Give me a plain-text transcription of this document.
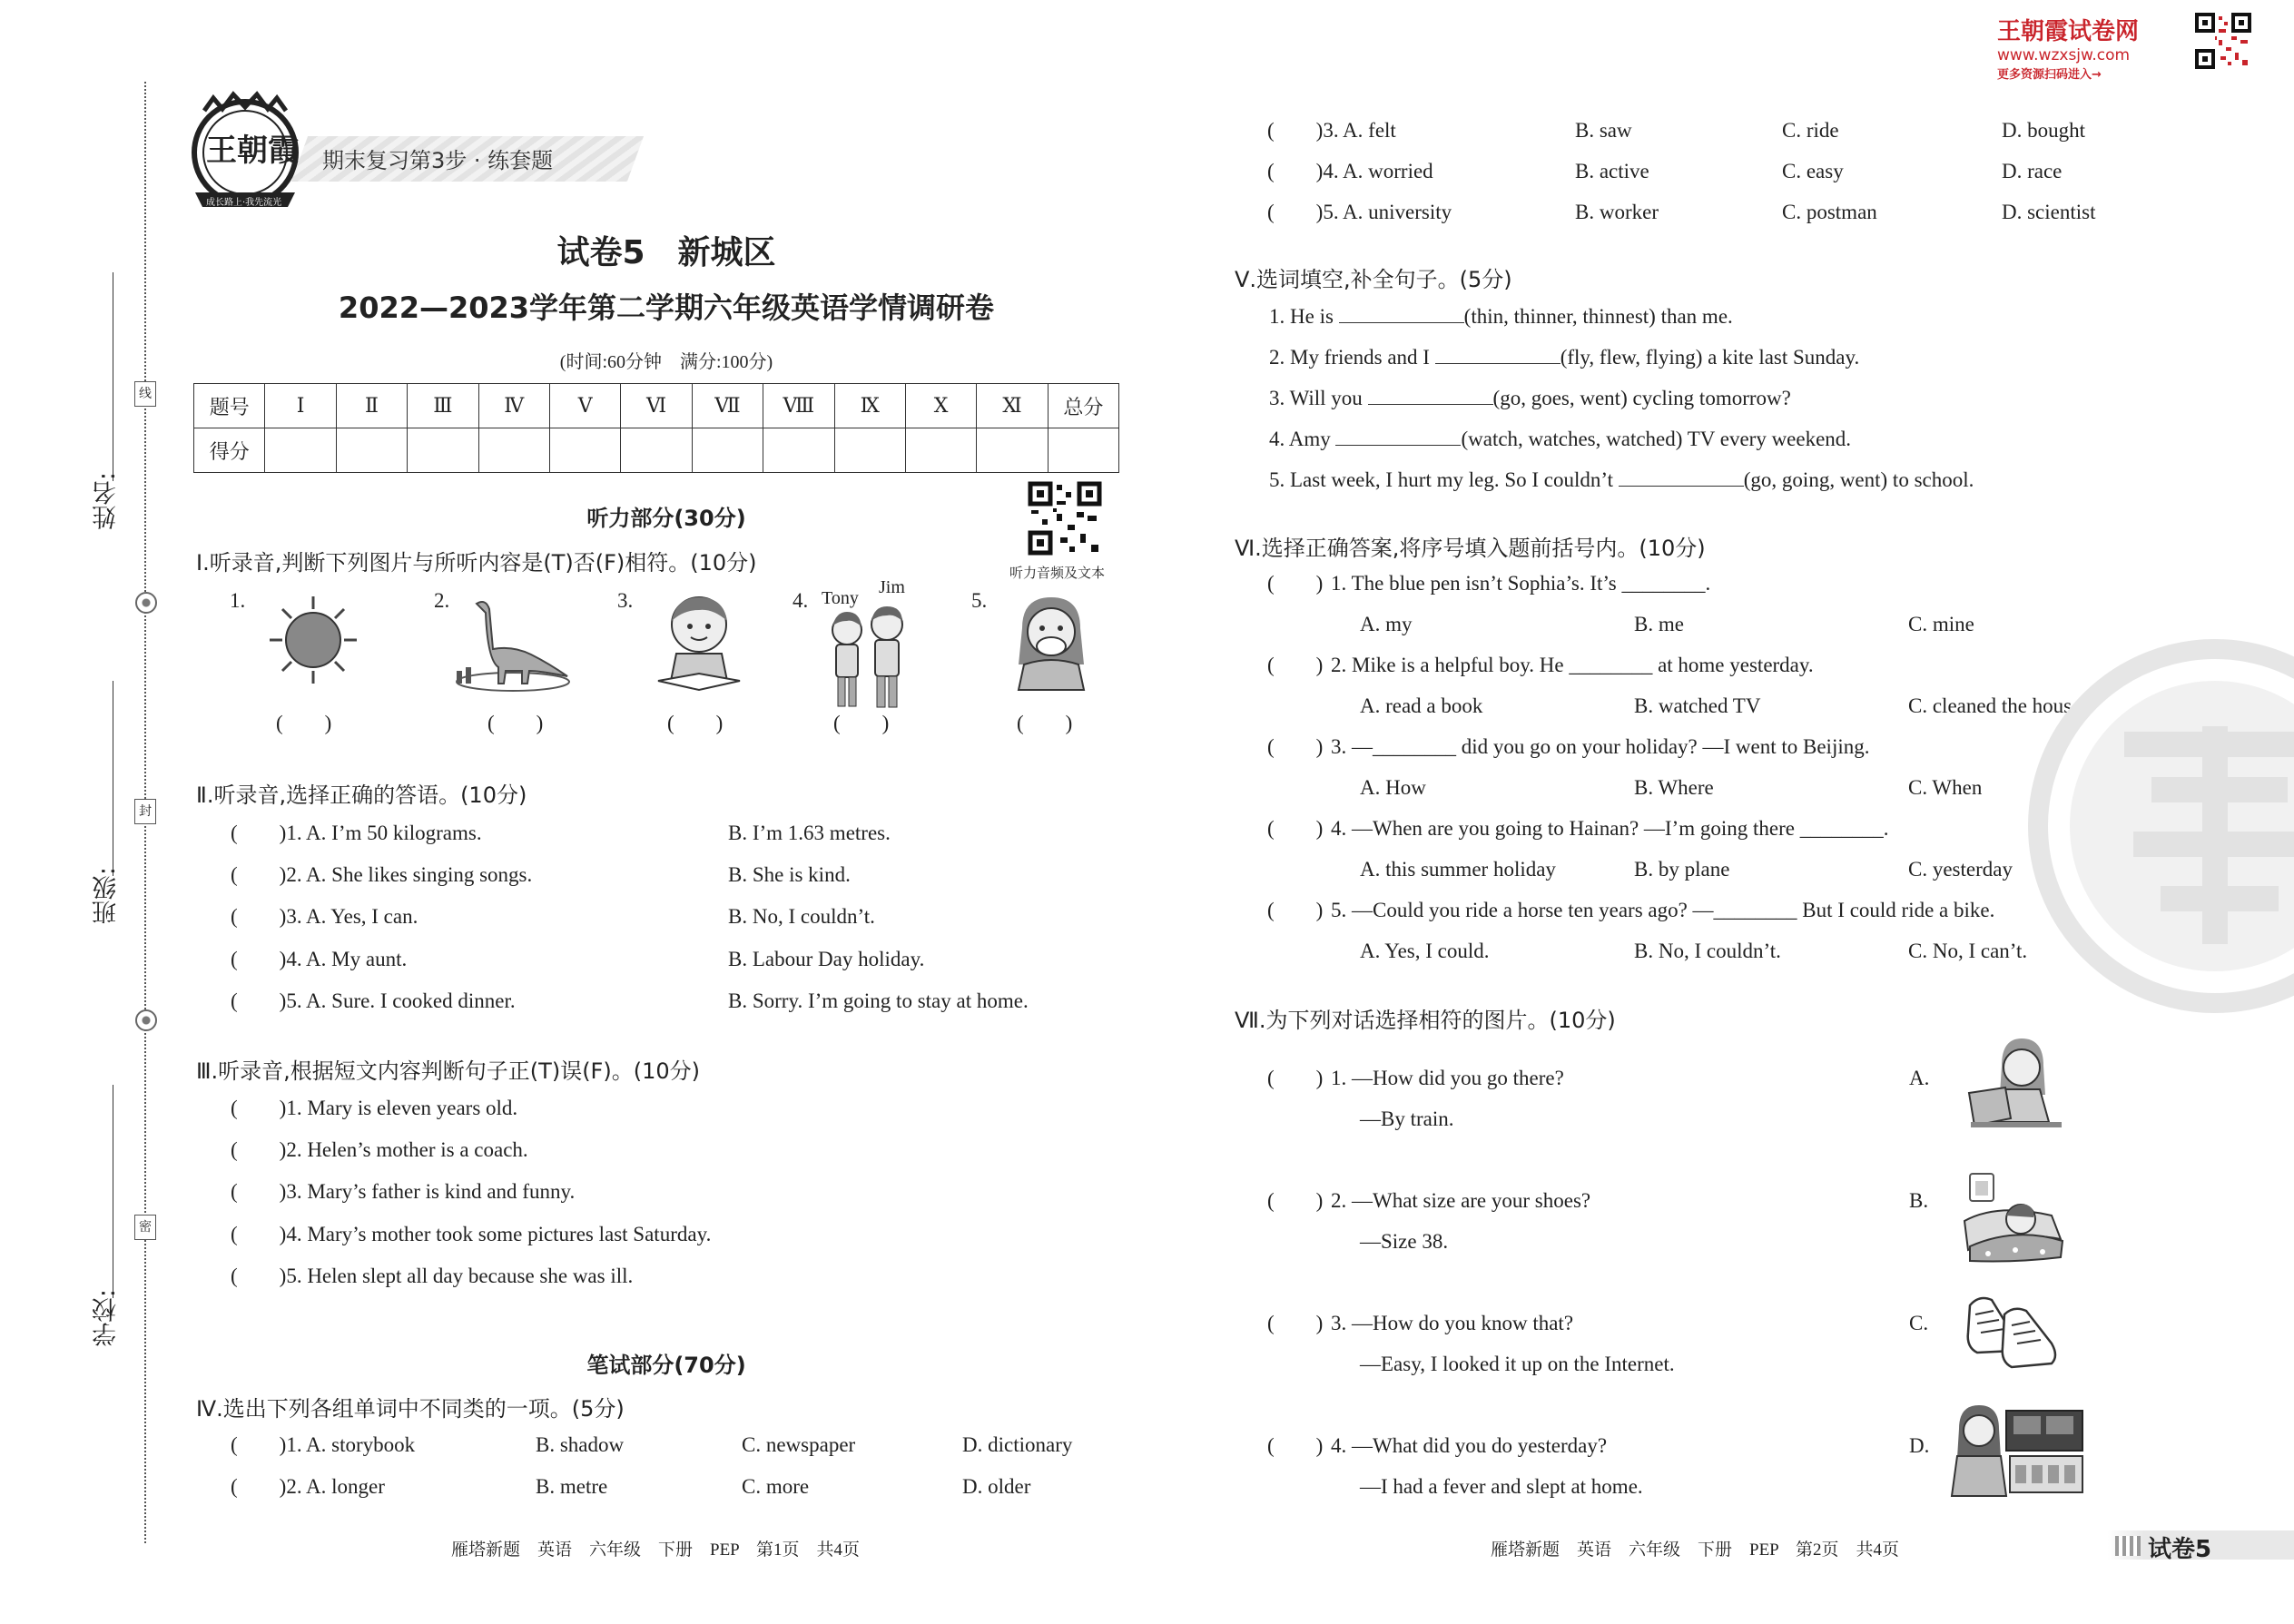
线
封
密
姓名:
班级:
学校:
王朝霞
成长路上·我先流光
期末复习第3步 · 练套题
王朝霞试卷网
www.wzxsjw.com
更多资源扫码进入→
试卷5　新城区
2022—2023学年第二学期六年级英语学情调研卷
(时间:60分钟　满分:100分)
题号	Ⅰ	Ⅱ	Ⅲ	Ⅳ	Ⅴ	Ⅵ	Ⅶ	Ⅷ	Ⅸ	Ⅹ	Ⅺ	总分
得分												
听力部分(30分)
听力音频及文本
Ⅰ.听录音,判断下列图片与所听内容是(T)否(F)相符。(10分)
1.	2.	3.	4.	5.
Tony
Jim
(　　)	(　　)	(　　)	(　　)	(　　)
Ⅱ.听录音,选择正确的答语。(10分)
(　　)1. A. I’m 50 kilograms.	B. I’m 1.63 metres.
(　　)2. A. She likes singing songs.	B. She is kind.
(　　)3. A. Yes, I can.	B. No, I couldn’t.
(　　)4. A. My aunt.	B. Labour Day holiday.
(　　)5. A. Sure. I cooked dinner.	B. Sorry. I’m going to stay at home.
Ⅲ.听录音,根据短文内容判断句子正(T)误(F)。(10分)
(　　)1. Mary is eleven years old.
(　　)2. Helen’s mother is a coach.
(　　)3. Mary’s father is kind and funny.
(　　)4. Mary’s mother took some pictures last Saturday.
(　　)5. Helen slept all day because she was ill.
笔试部分(70分)
Ⅳ.选出下列各组单词中不同类的一项。(5分)
(　　)1. A. storybook	B. shadow	C. newspaper	D. dictionary
(　　)2. A. longer	B. metre	C. more	D. older
雁塔新题　英语　六年级　下册　PEP　第1页　共4页
(　　)3. A. felt	B. saw	C. ride	D. bought
(　　)4. A. worried	B. active	C. easy	D. race
(　　)5. A. university	B. worker	C. postman	D. scientist
Ⅴ.选词填空,补全句子。(5分)
1. He is	(thin, thinner, thinnest) than me.
2. My friends and I	(fly, flew, flying) a kite last Sunday.
3. Will you	(go, goes, went) cycling tomorrow?
4. Amy	(watch, watches, watched) TV every weekend.
5. Last week, I hurt my leg. So I couldn’t	(go, going, went) to school.
Ⅵ.选择正确答案,将序号填入题前括号内。(10分)
(　　) 1. The blue pen isn’t Sophia’s. It’s ________.
A. my	B. me	C. mine
(　　) 2. Mike is a helpful boy. He ________ at home yesterday.
A. read a book	B. watched TV	C. cleaned the house
(　　) 3. —________ did you go on your holiday? —I went to Beijing.
A. How	B. Where	C. When
(　　) 4. —When are you going to Hainan? —I’m going there ________.
A. this summer holiday	B. by plane	C. yesterday
(　　) 5. —Could you ride a horse ten years ago? —________ But I could ride a bike.
A. Yes, I could.	B. No, I couldn’t.	C. No, I can’t.
Ⅶ.为下列对话选择相符的图片。(10分)
(　　) 1. —How did you go there?
—By train.
A.
(　　) 2. —What size are your shoes?
—Size 38.
B.
(　　) 3. —How do you know that?
—Easy, I looked it up on the Internet.
C.
(　　) 4. —What did you do yesterday?
—I had a fever and slept at home.
D.
雁塔新题　英语　六年级　下册　PEP　第2页　共4页	试卷5
